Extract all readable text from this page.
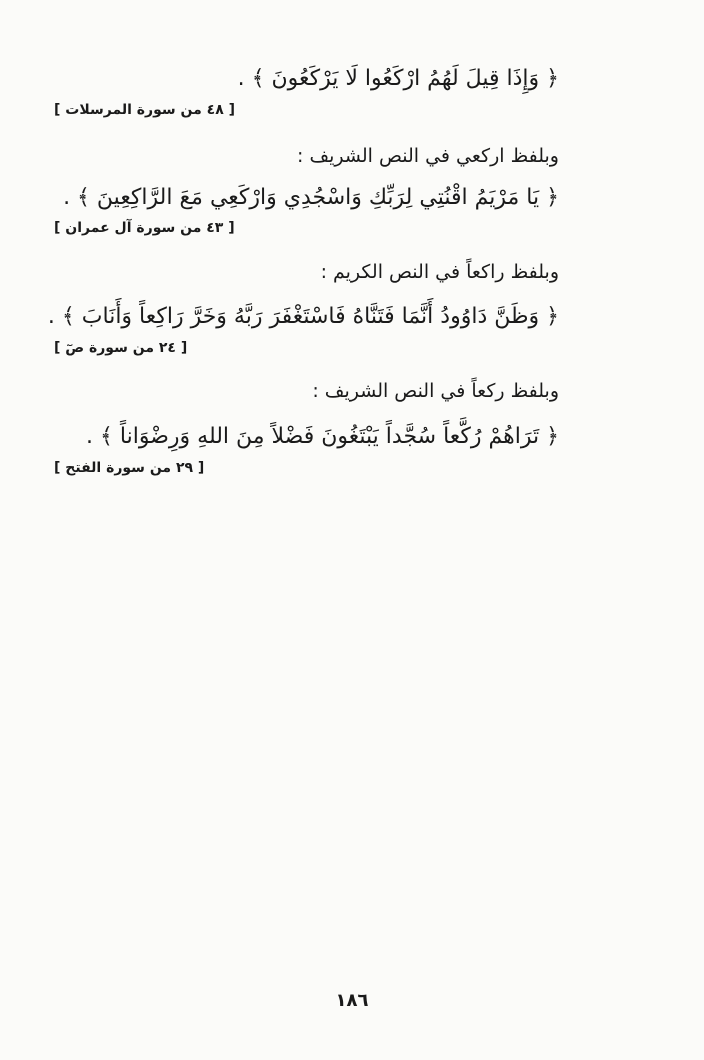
﴿ وَإِذَا قِيلَ لَهُمُ ارْكَعُوا لَا يَرْكَعُونَ ﴾ .

[ ٤٨ من سورة المرسلات ]

وبلفظ اركعي في النص الشريف :

﴿ يَا مَرْيَمُ اقْنُتِي لِرَبِّكِ وَاسْجُدِي وَارْكَعِي مَعَ الرَّاكِعِينَ ﴾ .

[ ٤٣ من سورة آل عمران ]

وبلفظ راكعاً في النص الكريم :

﴿ وَظَنَّ دَاوُودُ أَنَّمَا فَتَنَّاهُ فَاسْتَغْفَرَ رَبَّهُ وَخَرَّ رَاكِعاً وَأَنَابَ ﴾ .

[ ٢٤ من سورة صٓ ]

وبلفظ ركعاً في النص الشريف :

﴿ تَرَاهُمْ رُكَّعاً سُجَّداً يَبْتَغُونَ فَضْلاً مِنَ اللهِ وَرِضْوَاناً ﴾ .

[ ٢٩ من سورة الفتح ]

١٨٦
